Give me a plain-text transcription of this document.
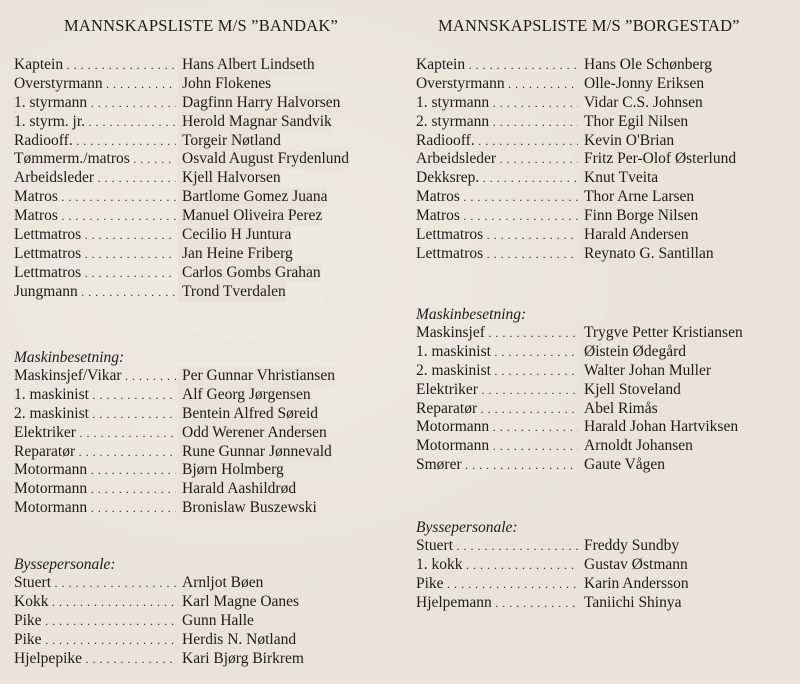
MANNSKAPSLISTE M/S ”BANDAK”
Kaptein . . .	Hans Albert Lindseth
Overstyrmann . . .	John Flokenes
1. styrmann . . .	Dagfinn Harry Halvorsen
1. styrm. jr. . . .	Herold Magnar Sandvik
Radiooff. . . .	Torgeir Nøtland
Tømmerm./matros . . .	Osvald August Frydenlund
Arbeidsleder . . .	Kjell Halvorsen
Matros . . .	Bartlome Gomez Juana
Matros . . .	Manuel Oliveira Perez
Lettmatros . . .	Cecilio H Juntura
Lettmatros . . .	Jan Heine Friberg
Lettmatros . . .	Carlos Gombs Grahan
Jungmann . . .	Trond Tverdalen
Maskinbesetning:
Maskinsjef/Vikar . . .	Per Gunnar Vhristiansen
1. maskinist . . .	Alf Georg Jørgensen
2. maskinist . . .	Bentein Alfred Søreid
Elektriker . . .	Odd Werener Andersen
Reparatør . . .	Rune Gunnar Jønnevald
Motormann . . .	Bjørn Holmberg
Motormann . . .	Harald Aashildrød
Motormann . . .	Bronislaw Buszewski
Byssepersonale:
Stuert . . .	Arnljot Bøen
Kokk . . .	Karl Magne Oanes
Pike . . .	Gunn Halle
Pike . . .	Herdis N. Nøtland
Hjelpepike . . .	Kari Bjørg Birkrem
MANNSKAPSLISTE M/S ”BORGESTAD”
Kaptein . . .	Hans Ole Schønberg
Overstyrmann . . .	Olle-Jonny Eriksen
1. styrmann . . .	Vidar C.S. Johnsen
2. styrmann . . .	Thor Egil Nilsen
Radiooff. . . .	Kevin O'Brian
Arbeidsleder . . .	Fritz Per-Olof Østerlund
Dekksrep. . . .	Knut Tveita
Matros . . .	Thor Arne Larsen
Matros . . .	Finn Borge Nilsen
Lettmatros . . .	Harald Andersen
Lettmatros . . .	Reynato G. Santillan
Maskinbesetning:
Maskinsjef . . .	Trygve Petter Kristiansen
1. maskinist . . .	Øistein Ødegård
2. maskinist . . .	Walter Johan Muller
Elektriker . . .	Kjell Stoveland
Reparatør . . .	Abel Rimås
Motormann . . .	Harald Johan Hartviksen
Motormann . . .	Arnoldt Johansen
Smører . . .	Gaute Vågen
Byssepersonale:
Stuert . . .	Freddy Sundby
1. kokk . . .	Gustav Østmann
Pike . . .	Karin Andersson
Hjelpemann . . .	Taniichi Shinya
